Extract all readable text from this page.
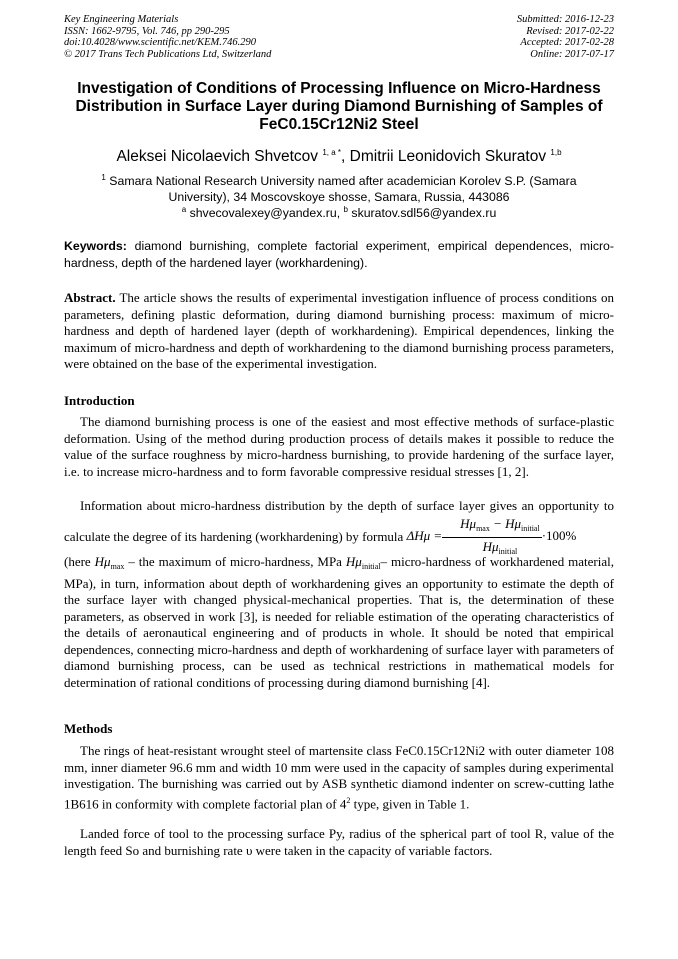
Key Engineering Materials
ISSN: 1662-9795, Vol. 746, pp 290-295
doi:10.4028/www.scientific.net/KEM.746.290
© 2017 Trans Tech Publications Ltd, Switzerland
Submitted: 2016-12-23
Revised: 2017-02-22
Accepted: 2017-02-28
Online: 2017-07-17
Investigation of Conditions of Processing Influence on Micro-Hardness Distribution in Surface Layer during Diamond Burnishing of Samples of FeC0.15Cr12Ni2 Steel
Aleksei Nicolaevich Shvetcov $^{1, a *}$, Dmitrii Leonidovich Skuratov $^{1,b}$
$^1$ Samara National Research University named after academician Korolev S.P. (Samara University), 34 Moscovskoye shosse, Samara, Russia, 443086
$^a$ shvecovalexey@yandex.ru, $^b$ skuratov.sdl56@yandex.ru
Keywords: diamond burnishing, complete factorial experiment, empirical dependences, micro-hardness, depth of the hardened layer (workhardening).
Abstract. The article shows the results of experimental investigation influence of process conditions on parameters, defining plastic deformation, during diamond burnishing process: maximum of micro-hardness and depth of hardened layer (depth of workhardening). Empirical dependences, linking the maximum of micro-hardness and depth of workhardening to the diamond burnishing process parameters, were obtained on the base of the experimental investigation.
Introduction
The diamond burnishing process is one of the easiest and most effective methods of surface-plastic deformation. Using of the method during production process of details makes it possible to reduce the value of the surface roughness by micro-hardness burnishing, to provide hardening of the surface layer, i.e. to increase micro-hardness and to form favorable compressive residual stresses [1, 2].
Information about micro-hardness distribution by the depth of surface layer gives an opportunity to calculate the degree of its hardening (workhardening) by formula $\Delta H\mu = \frac{H\mu_{max} - H\mu_{initial}}{H\mu_{initial}} \cdot 100\%$
(here $H\mu_{max}$ – the maximum of micro-hardness, MPa $H\mu_{initial}-$ micro-hardness of workhardened material, MPa), in turn, information about depth of workhardening gives an opportunity to estimate the depth of the surface layer with changed physical-mechanical properties. That is, the determination of these parameters, as observed in work [3], is needed for reliable estimation of the operating characteristics of the details of aeronautical engineering and of products in whole. It should be noted that empirical dependences, connecting micro-hardness and depth of workhardening of surface layer with parameters of diamond burnishing process, can be used as technical restrictions in mathematical models for determination of rational conditions of processing during diamond burnishing [4].
Methods
The rings of heat-resistant wrought steel of martensite class FeC0.15Cr12Ni2 with outer diameter 108 mm, inner diameter 96.6 mm and width 10 mm were used in the capacity of samples during experimental investigation. The burnishing was carried out by ASB synthetic diamond indenter on screw-cutting lathe 1B616 in conformity with complete factorial plan of $4^2$ type, given in Table 1.
Landed force of tool to the processing surface Py, radius of the spherical part of tool R, value of the length feed So and burnishing rate υ were taken in the capacity of variable factors.
